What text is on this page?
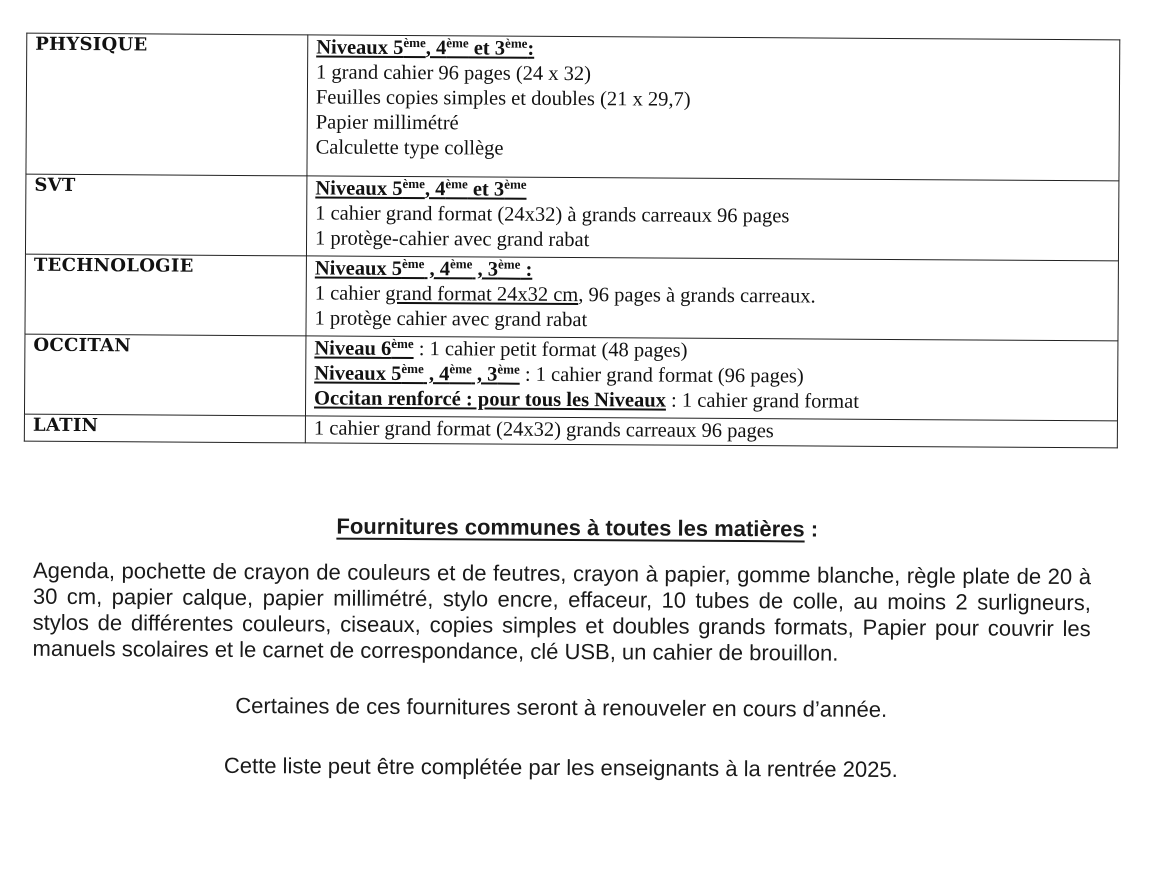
PHYSIQUE	Niveaux 5ème, 4ème et 3ème:
1 grand cahier 96 pages (24 x 32)
Feuilles copies simples et doubles (21 x 29,7)
Papier millimétré
Calculette type collège

SVT	Niveaux 5ème, 4ème et 3ème
1 cahier grand format (24x32) à grands carreaux 96 pages
1 protège-cahier avec grand rabat

TECHNOLOGIE	Niveaux 5ème , 4ème , 3ème :
1 cahier grand format 24x32 cm, 96 pages à grands carreaux.
1 protège cahier avec grand rabat

OCCITAN	Niveau 6ème : 1 cahier petit format (48 pages)
Niveaux 5ème , 4ème , 3ème : 1 cahier grand format (96 pages)
Occitan renforcé : pour tous les Niveaux : 1 cahier grand format

LATIN	1 cahier grand format (24x32) grands carreaux 96 pages
Fournitures communes à toutes les matières :

Agenda, pochette de crayon de couleurs et de feutres, crayon à papier, gomme blanche, règle plate de 20 à 30 cm, papier calque, papier millimétré, stylo encre, effaceur, 10 tubes de colle, au moins 2 surligneurs, stylos de différentes couleurs, ciseaux, copies simples et doubles grands formats, Papier pour couvrir les manuels scolaires et le carnet de correspondance, clé USB, un cahier de brouillon.

Certaines de ces fournitures seront à renouveler en cours d’année.
Cette liste peut être complétée par les enseignants à la rentrée 2025.
